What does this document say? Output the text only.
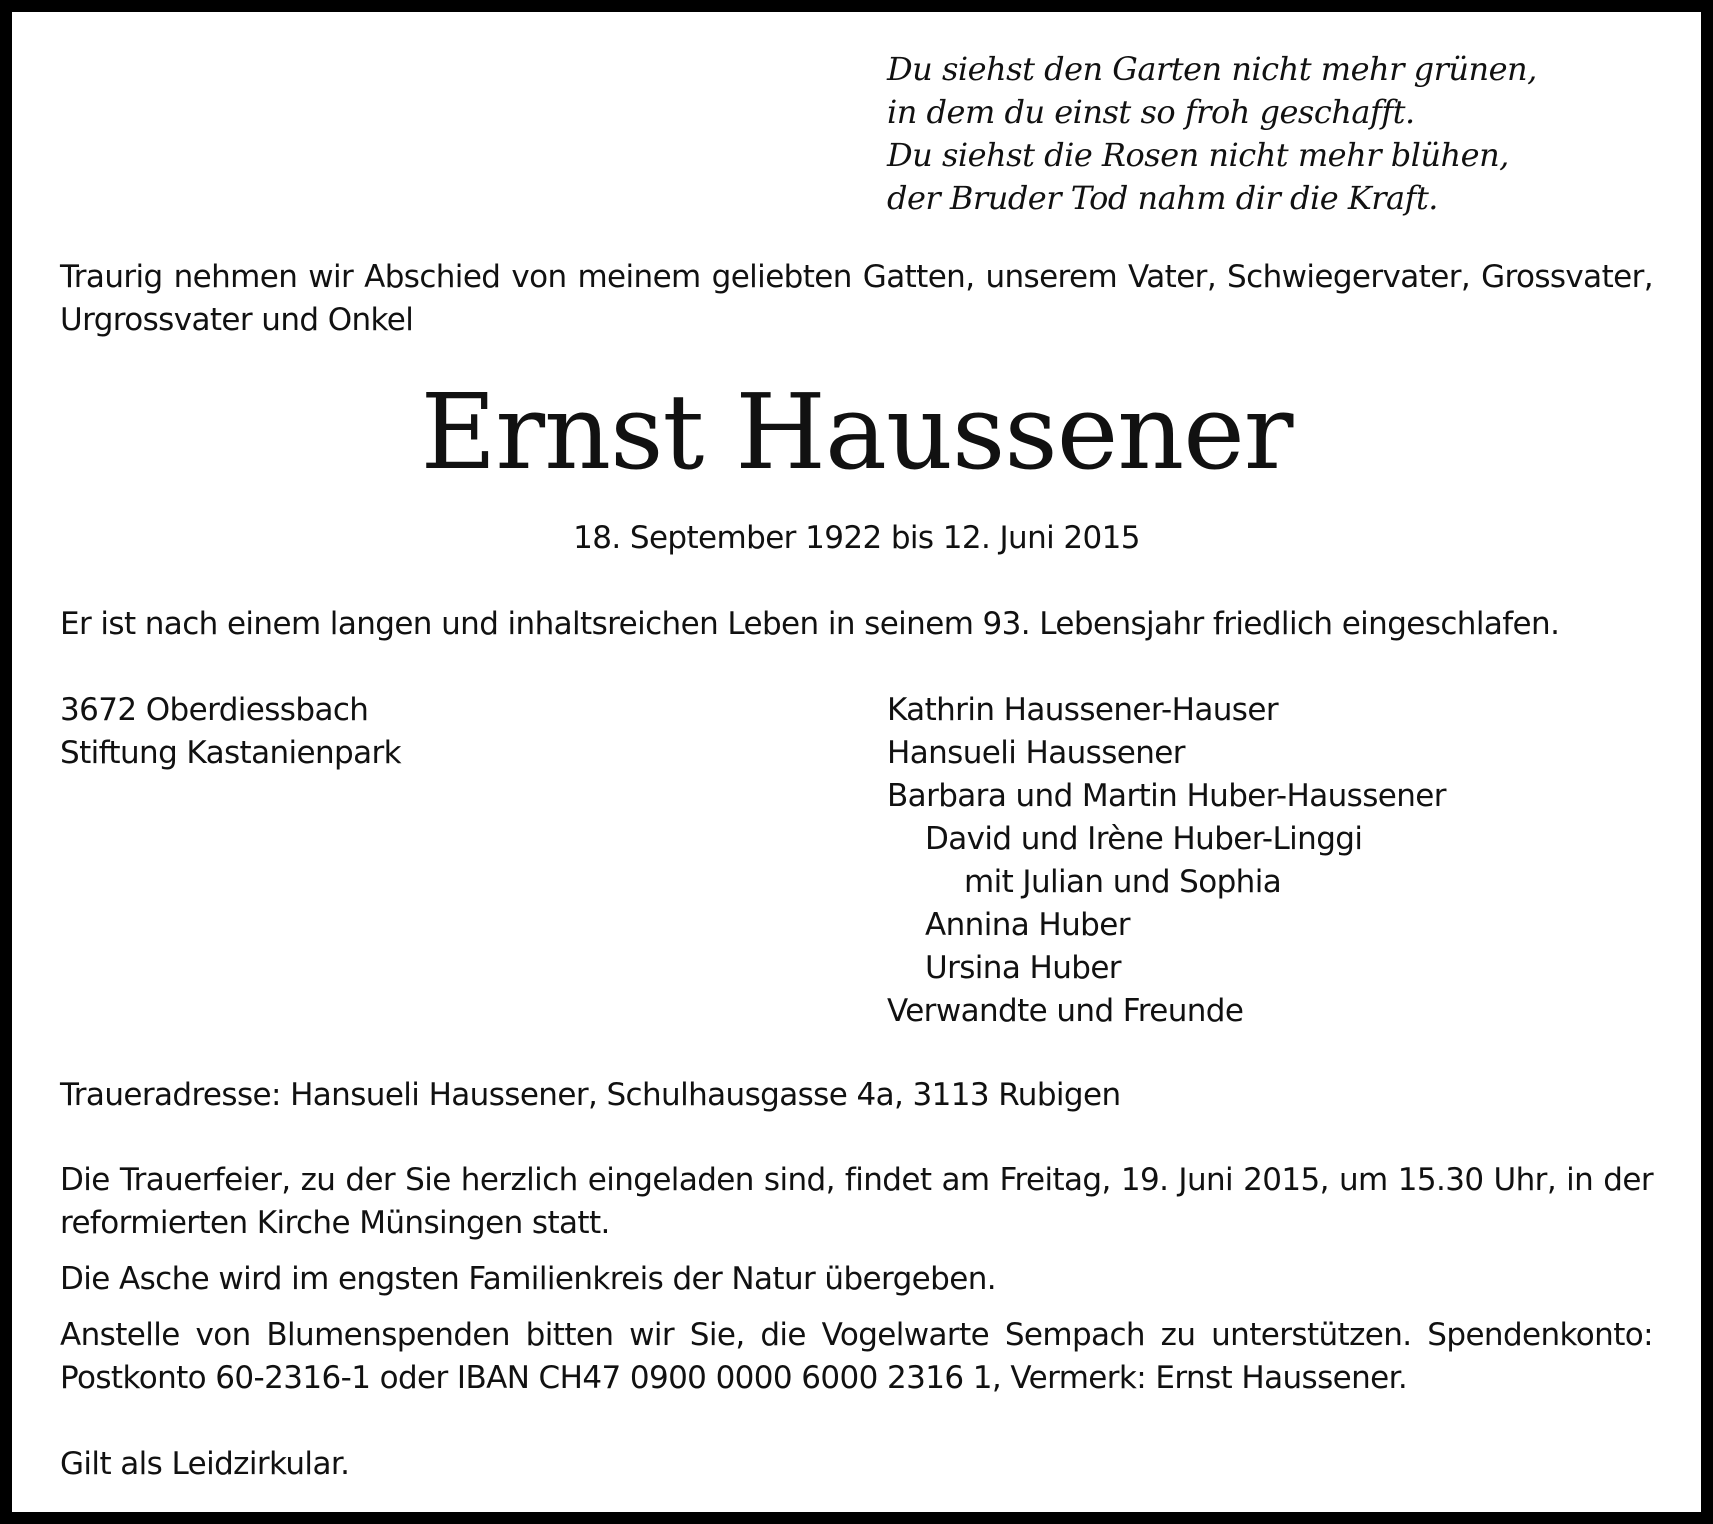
Du siehst den Garten nicht mehr grünen,
in dem du einst so froh geschafft.
Du siehst die Rosen nicht mehr blühen,
der Bruder Tod nahm dir die Kraft.
Traurig nehmen wir Abschied von meinem geliebten Gatten, unserem Vater, Schwiegervater, Grossvater,
Urgrossvater und Onkel
Ernst Haussener
18. September 1922 bis 12. Juni 2015
Er ist nach einem langen und inhaltsreichen Leben in seinem 93. Lebensjahr friedlich eingeschlafen.
3672 Oberdiessbach
Stiftung Kastanienpark
Kathrin Haussener-Hauser
Hansueli Haussener
Barbara und Martin Huber-Haussener
David und Irène Huber-Linggi
mit Julian und Sophia
Annina Huber
Ursina Huber
Verwandte und Freunde
Traueradresse: Hansueli Haussener, Schulhausgasse 4a, 3113 Rubigen
Die Trauerfeier, zu der Sie herzlich eingeladen sind, findet am Freitag, 19. Juni 2015, um 15.30 Uhr, in der
reformierten Kirche Münsingen statt.
Die Asche wird im engsten Familienkreis der Natur übergeben.
Anstelle von Blumenspenden bitten wir Sie, die Vogelwarte Sempach zu unterstützen. Spendenkonto:
Postkonto 60-2316-1 oder IBAN CH47 0900 0000 6000 2316 1, Vermerk: Ernst Haussener.
Gilt als Leidzirkular.
